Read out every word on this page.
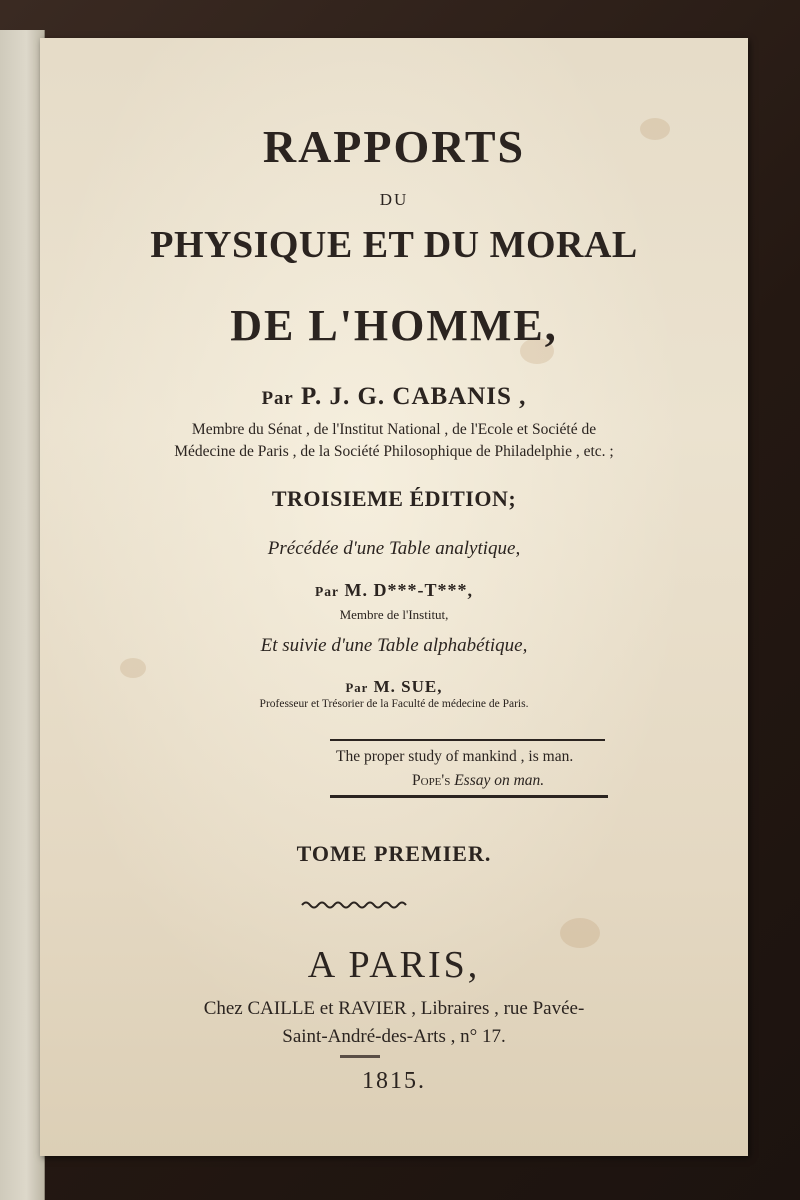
RAPPORTS
DU
PHYSIQUE ET DU MORAL
DE L'HOMME,
Par P. J. G. CABANIS ,
Membre du Sénat , de l'Institut National , de l'Ecole et Société de
Médecine de Paris , de la Société Philosophique de Philadelphie , etc. ;
TROISIEME ÉDITION;
Précédée d'une Table analytique,
Par M. D***-T***,
Membre de l'Institut,
Et suivie d'une Table alphabétique,
Par M. SUE,
Professeur et Trésorier de la Faculté de médecine de Paris.
The proper study of mankind , is man.
Pope's Essay on man.
TOME PREMIER.
A PARIS,
Chez CAILLE et RAVIER , Libraires , rue Pavée-
Saint-André-des-Arts , n° 17.
1815.
